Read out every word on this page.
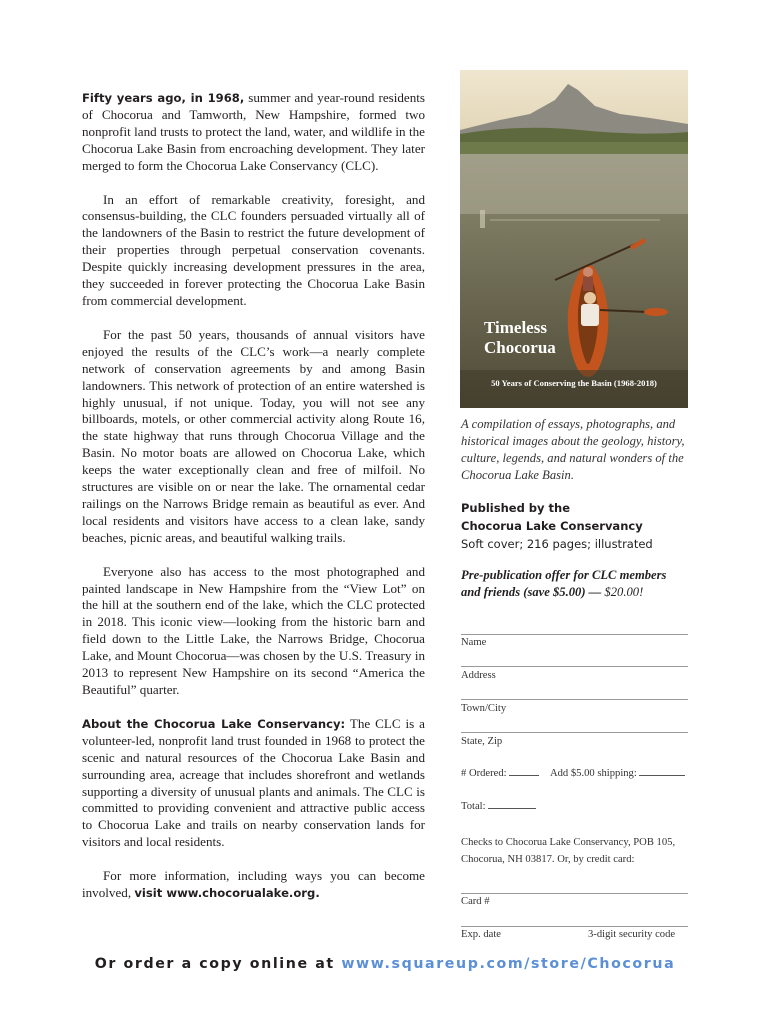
Fifty years ago, in 1968, summer and year-round residents of Chocorua and Tamworth, New Hampshire, formed two nonprofit land trusts to protect the land, water, and wildlife in the Chocorua Lake Basin from encroaching development. They later merged to form the Chocorua Lake Conservancy (CLC).

In an effort of remarkable creativity, foresight, and consensus-building, the CLC founders persuaded virtually all of the landowners of the Basin to restrict the future development of their properties through perpetual conservation covenants. Despite quickly increasing development pressures in the area, they succeeded in forever protecting the Chocorua Lake Basin from commercial development.

For the past 50 years, thousands of annual visitors have enjoyed the results of the CLC’s work—a nearly complete network of conservation agreements by and among Basin landowners. This network of protection of an entire watershed is highly unusual, if not unique. Today, you will not see any billboards, motels, or other commercial activity along Route 16, the state highway that runs through Chocorua Village and the Basin. No motor boats are allowed on Chocorua Lake, which keeps the water exceptionally clean and free of milfoil. No structures are visible on or near the lake. The ornamental cedar railings on the Narrows Bridge remain as beautiful as ever. And local residents and visitors have access to a clean lake, sandy beaches, picnic areas, and beautiful walking trails.

Everyone also has access to the most photographed and painted landscape in New Hampshire from the “View Lot” on the hill at the southern end of the lake, which the CLC protected in 2018. This iconic view—looking from the historic barn and field down to the Little Lake, the Narrows Bridge, Chocorua Lake, and Mount Chocorua—was chosen by the U.S. Treasury in 2013 to represent New Hampshire on its second “America the Beautiful” quarter.

About the Chocorua Lake Conservancy: The CLC is a volunteer-led, nonprofit land trust founded in 1968 to protect the scenic and natural resources of the Chocorua Lake Basin and surrounding area, acreage that includes shorefront and wetlands supporting a diversity of unusual plants and animals. The CLC is committed to providing convenient and attractive public access to Chocorua Lake and trails on nearby conservation lands for visitors and local residents.

For more information, including ways you can become involved, visit www.chocorualake.org.

Timeless
Chocorua
50 Years of Conserving the Basin (1968-2018)
A compilation of essays, photographs, and historical images about the geology, history, culture, legends, and natural wonders of the Chocorua Lake Basin.
Published by the
Chocorua Lake Conservancy
Soft cover; 216 pages; illustrated
Pre-publication offer for CLC members and friends (save $5.00) — $20.00!
Name
Address
Town/City
State, Zip
# Ordered:	Add $5.00 shipping:
Total:
Checks to Chocorua Lake Conservancy, POB 105, Chocorua, NH 03817. Or, by credit card:
Card #
Exp. date	3-digit security code
Or order a copy online at www.squareup.com/store/Chocorua
